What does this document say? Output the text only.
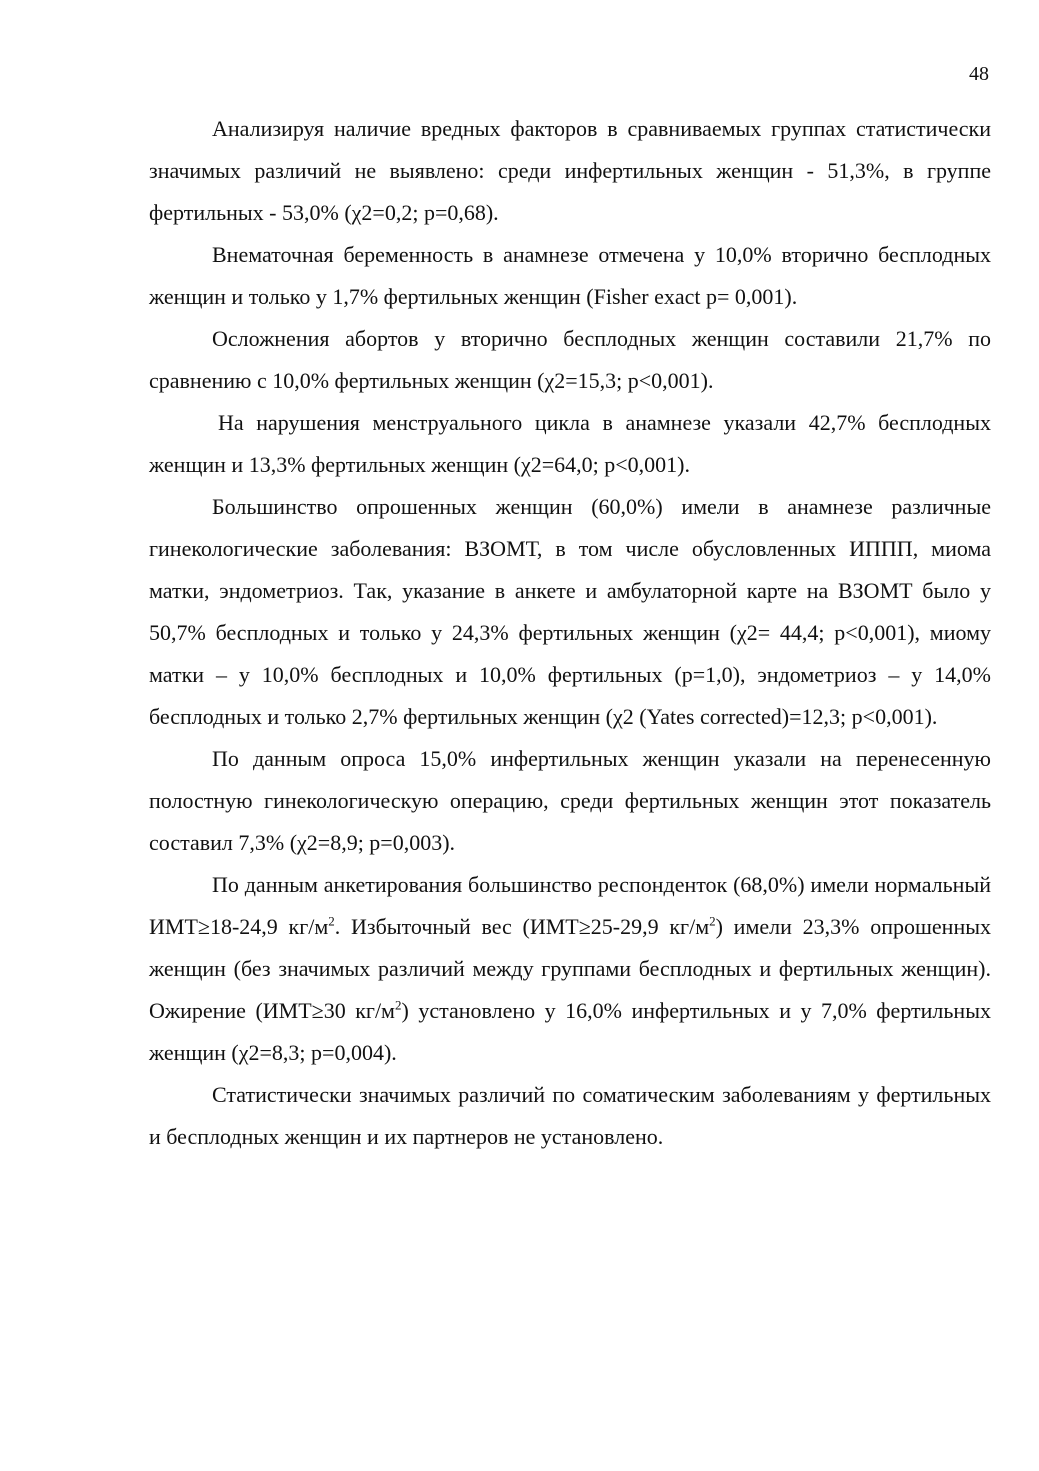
48

Анализируя наличие вредных факторов в сравниваемых группах статистически значимых различий не выявлено: среди инфертильных женщин - 51,3%, в группе фертильных - 53,0% (χ2=0,2; p=0,68).

Внематочная беременность в анамнезе отмечена у 10,0% вторично бесплодных женщин и только у 1,7% фертильных женщин (Fisher exact p= 0,001).

Осложнения абортов у вторично бесплодных женщин составили 21,7% по сравнению с 10,0% фертильных женщин (χ2=15,3; p<0,001).

На нарушения менструального цикла в анамнезе указали 42,7% бесплодных женщин и 13,3% фертильных женщин (χ2=64,0; p<0,001).

Большинство опрошенных женщин (60,0%) имели в анамнезе различные гинекологические заболевания: ВЗОМТ, в том числе обусловленных ИППП, миома матки, эндометриоз. Так, указание в анкете и амбулаторной карте на ВЗОМТ было у 50,7% бесплодных и только у 24,3% фертильных женщин (χ2= 44,4; p<0,001), миому матки – у 10,0% бесплодных и 10,0% фертильных (p=1,0), эндометриоз – у 14,0% бесплодных и только 2,7% фертильных женщин (χ2 (Yates corrected)=12,3; p<0,001).

По данным опроса 15,0% инфертильных женщин указали на перенесенную полостную гинекологическую операцию, среди фертильных женщин этот показатель составил 7,3% (χ2=8,9; p=0,003).

По данным анкетирования большинство респонденток (68,0%) имели нормальный ИМТ≥18-24,9 $кг/м^2$. Избыточный вес (ИМТ≥25-29,9 $кг/м^2$) имели 23,3% опрошенных женщин (без значимых различий между группами бесплодных и фертильных женщин). Ожирение (ИМТ≥30 $кг/м^2$) установлено у 16,0% инфертильных и у 7,0% фертильных женщин (χ2=8,3; p=0,004).

Статистически значимых различий по соматическим заболеваниям у фертильных и бесплодных женщин и их партнеров не установлено.
